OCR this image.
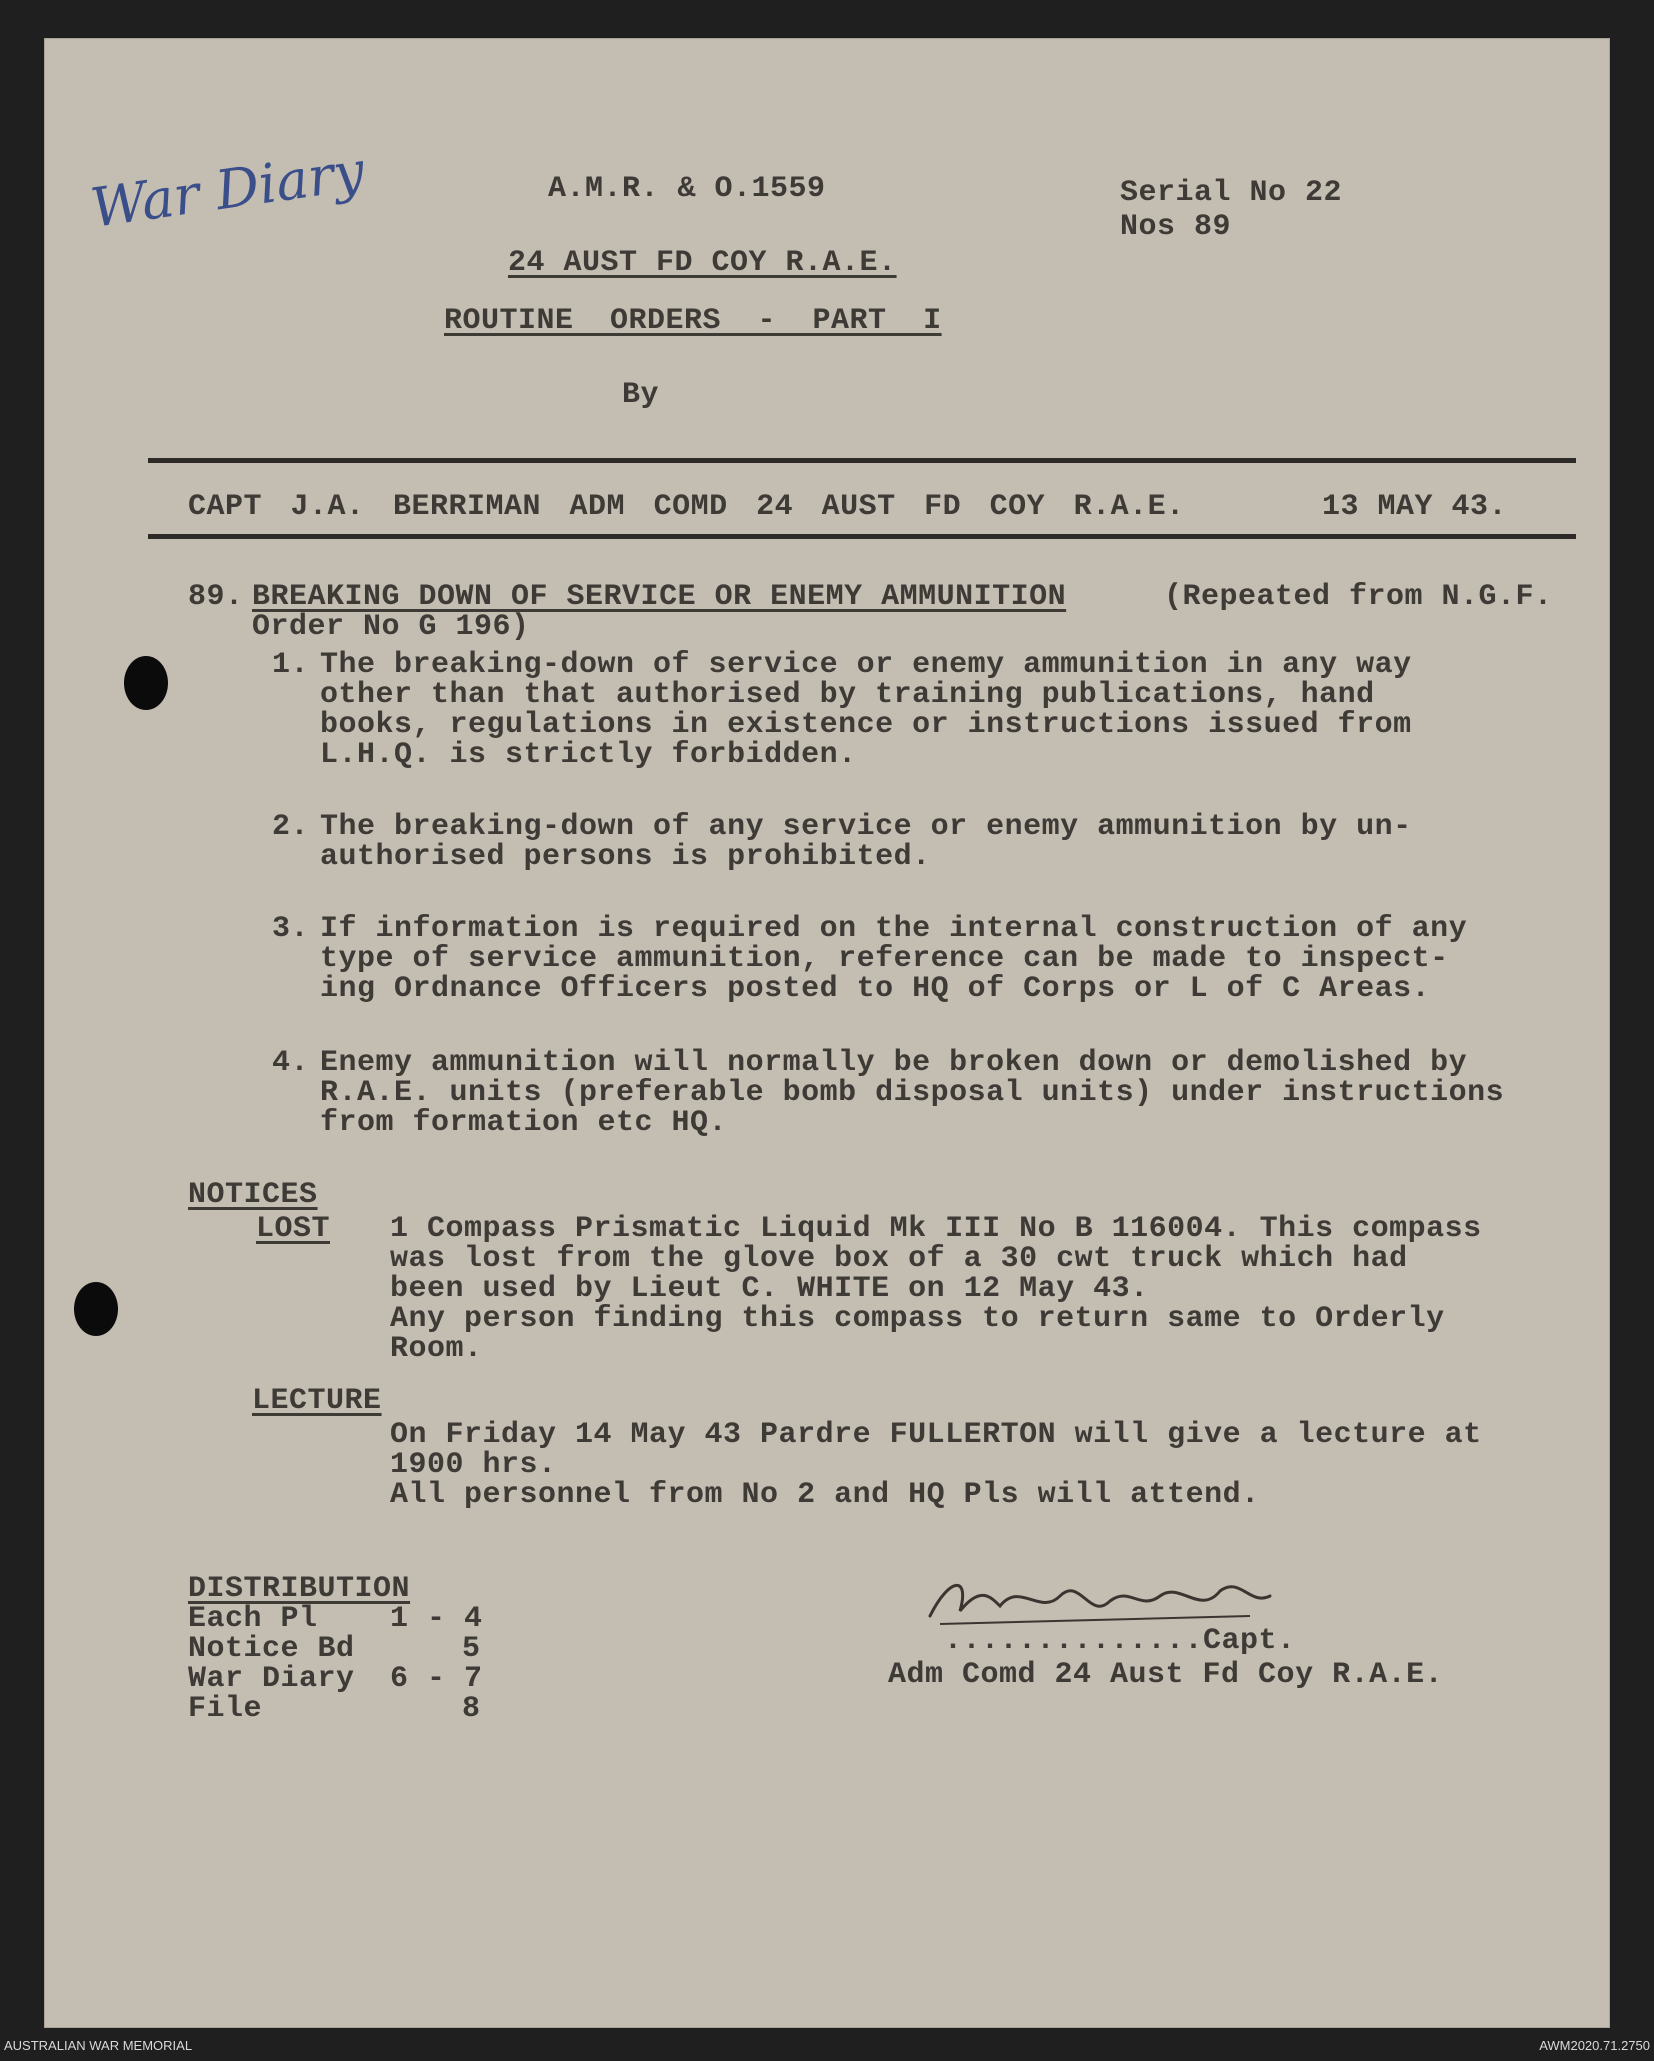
War Diary	A.M.R. & O.1559	Serial No 22
Nos 89
24 AUST FD COY R.A.E.
ROUTINE ORDERS - PART I
By
CAPT J.A. BERRIMAN ADM COMD 24 AUST FD COY R.A.E.	13 MAY 43.
89. BREAKING DOWN OF SERVICE OR ENEMY AMMUNITION	(Repeated from N.G.F.
Order No G 196)
1. The breaking-down of service or enemy ammunition in any way
other than that authorised by training publications, hand
books, regulations in existence or instructions issued from
L.H.Q. is strictly forbidden.
2. The breaking-down of any service or enemy ammunition by un-
authorised persons is prohibited.
3. If information is required on the internal construction of any
type of service ammunition, reference can be made to inspect-
ing Ordnance Officers posted to HQ of Corps or L of C Areas.
4. Enemy ammunition will normally be broken down or demolished by
R.A.E. units (preferable bomb disposal units) under instructions
from formation etc HQ.
NOTICES
LOST 1 Compass Prismatic Liquid Mk III No B 116004. This compass
was lost from the glove box of a 30 cwt truck which had
been used by Lieut C. WHITE on 12 May 43.
Any person finding this compass to return same to Orderly
Room.
LECTURE
On Friday 14 May 43 Pardre FULLERTON will give a lecture at
1900 hrs.
All personnel from No 2 and HQ Pls will attend.
DISTRIBUTION
Each Pl 1 - 4
Notice Bd	5
War Diary 6 - 7
File	8
..............Capt.
Adm Comd 24 Aust Fd Coy R.A.E.
AUSTRALIAN WAR MEMORIAL	AWM2020.71.2750
